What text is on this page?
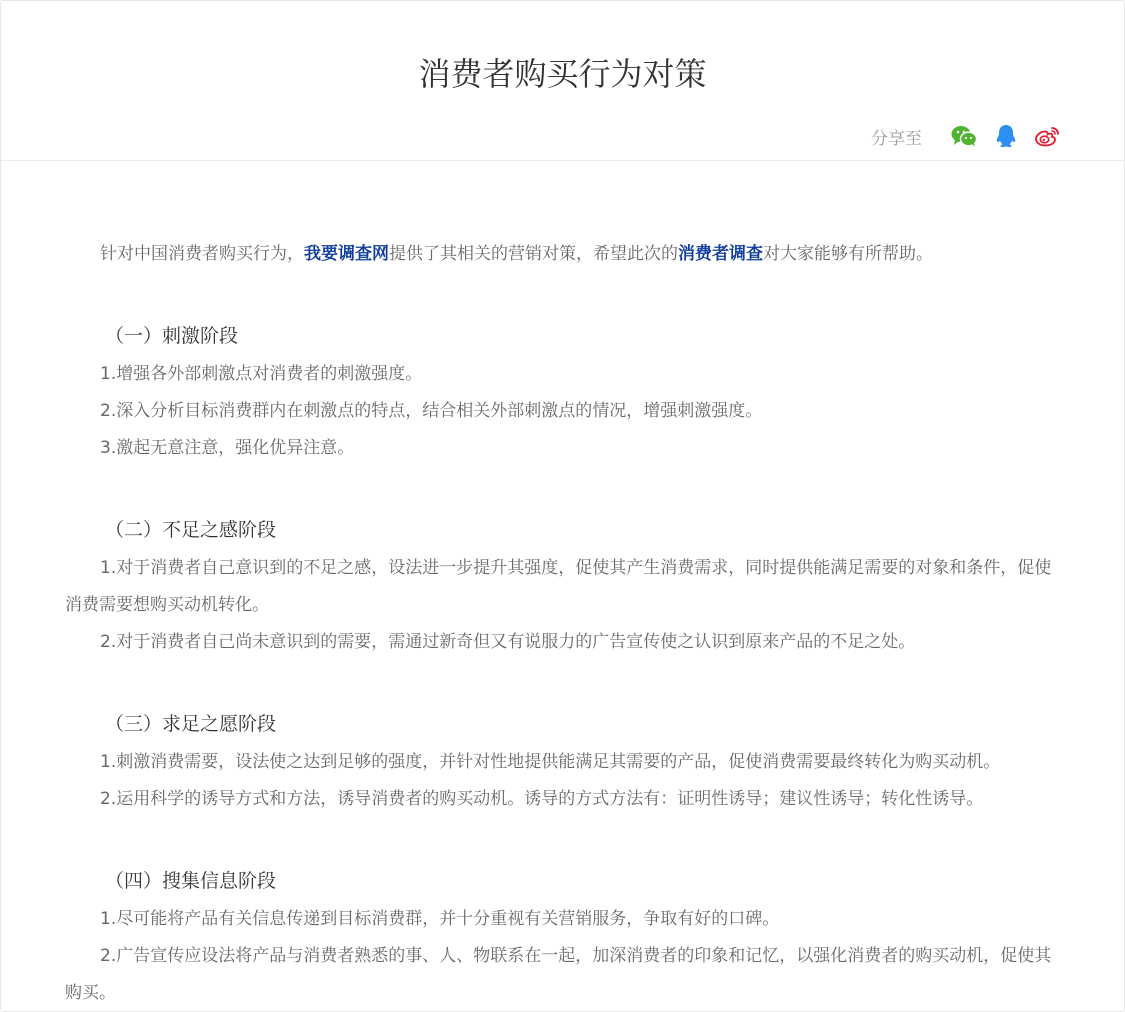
消费者购买行为对策
分享至

针对中国消费者购买行为，我要调查网提供了其相关的营销对策，希望此次的消费者调查对大家能够有所帮助。

（一）刺激阶段

1.增强各外部刺激点对消费者的刺激强度。

2.深入分析目标消费群内在刺激点的特点，结合相关外部刺激点的情况，增强刺激强度。

3.激起无意注意，强化优异注意。

（二）不足之感阶段

1.对于消费者自己意识到的不足之感，设法进一步提升其强度，促使其产生消费需求，同时提供能满足需要的对象和条件，促使消费需要想购买动机转化。

2.对于消费者自己尚未意识到的需要，需通过新奇但又有说服力的广告宣传使之认识到原来产品的不足之处。

（三）求足之愿阶段

1.刺激消费需要，设法使之达到足够的强度，并针对性地提供能满足其需要的产品，促使消费需要最终转化为购买动机。

2.运用科学的诱导方式和方法，诱导消费者的购买动机。诱导的方式方法有：证明性诱导；建议性诱导；转化性诱导。

（四）搜集信息阶段

1.尽可能将产品有关信息传递到目标消费群，并十分重视有关营销服务，争取有好的口碑。

2.广告宣传应设法将产品与消费者熟悉的事、人、物联系在一起，加深消费者的印象和记忆，以强化消费者的购买动机，促使其购买。
